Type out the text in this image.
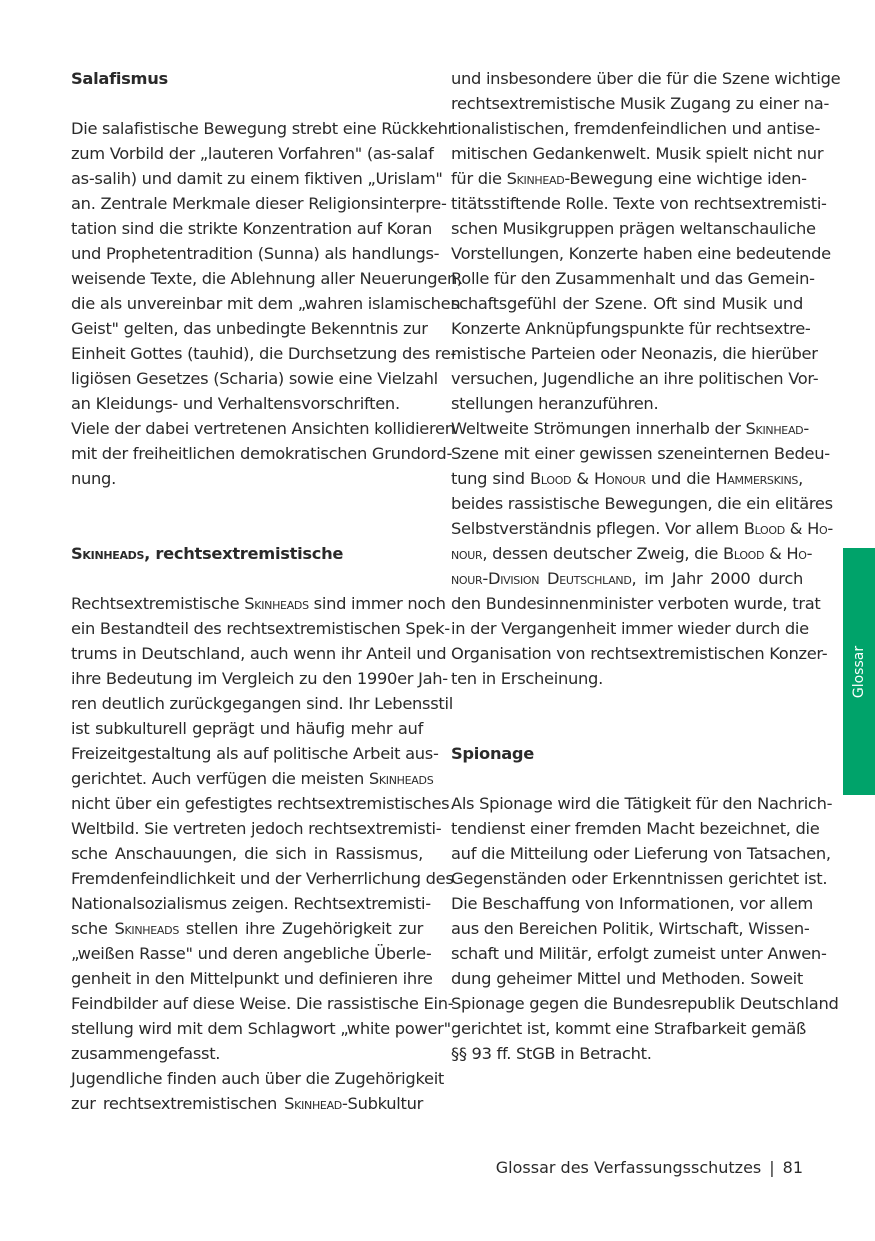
Salafismus
Die salafistische Bewegung strebt eine Rückkehr
zum Vorbild der „lauteren Vorfahren" (as-salaf
as-salih) und damit zu einem fiktiven „Urislam"
an. Zentrale Merkmale dieser Religionsinterpre-
tation sind die strikte Konzentration auf Koran
und Prophetentradition (Sunna) als handlungs-
weisende Texte, die Ablehnung aller Neuerungen,
die als unvereinbar mit dem „wahren islamischen
Geist" gelten, das unbedingte Bekenntnis zur
Einheit Gottes (tauhid), die Durchsetzung des re-
ligiösen Gesetzes (Scharia) sowie eine Vielzahl
an Kleidungs- und Verhaltensvorschriften.
Viele der dabei vertretenen Ansichten kollidieren
mit der freiheitlichen demokratischen Grundord-
nung.
Skinheads, rechtsextremistische
Rechtsextremistische Skinheads sind immer noch
ein Bestandteil des rechtsextremistischen Spek-
trums in Deutschland, auch wenn ihr Anteil und
ihre Bedeutung im Vergleich zu den 1990er Jah-
ren deutlich zurückgegangen sind. Ihr Lebensstil
ist subkulturell geprägt und häufig mehr auf
Freizeitgestaltung als auf politische Arbeit aus-
gerichtet. Auch verfügen die meisten Skinheads
nicht über ein gefestigtes rechtsextremistisches
Weltbild. Sie vertreten jedoch rechtsextremisti-
sche Anschauungen, die sich in Rassismus,
Fremdenfeindlichkeit und der Verherrlichung des
Nationalsozialismus zeigen. Rechtsextremisti-
sche Skinheads stellen ihre Zugehörigkeit zur
„weißen Rasse" und deren angebliche Überle-
genheit in den Mittelpunkt und definieren ihre
Feindbilder auf diese Weise. Die rassistische Ein-
stellung wird mit dem Schlagwort „white power"
zusammengefasst.
Jugendliche finden auch über die Zugehörigkeit
zur rechtsextremistischen Skinhead-Subkultur
und insbesondere über die für die Szene wichtige
rechtsextremistische Musik Zugang zu einer na-
tionalistischen, fremdenfeindlichen und antise-
mitischen Gedankenwelt. Musik spielt nicht nur
für die Skinhead-Bewegung eine wichtige iden-
titätsstiftende Rolle. Texte von rechtsextremisti-
schen Musikgruppen prägen weltanschauliche
Vorstellungen, Konzerte haben eine bedeutende
Rolle für den Zusammenhalt und das Gemein-
schaftsgefühl der Szene. Oft sind Musik und
Konzerte Anknüpfungspunkte für rechtsextre-
mistische Parteien oder Neonazis, die hierüber
versuchen, Jugendliche an ihre politischen Vor-
stellungen heranzuführen.
Weltweite Strömungen innerhalb der Skinhead-
Szene mit einer gewissen szeneinternen Bedeu-
tung sind Blood & Honour und die Hammerskins,
beides rassistische Bewegungen, die ein elitäres
Selbstverständnis pflegen. Vor allem Blood & Ho-
nour, dessen deutscher Zweig, die Blood & Ho-
nour-Division Deutschland, im Jahr 2000 durch
den Bundesinnenminister verboten wurde, trat
in der Vergangenheit immer wieder durch die
Organisation von rechtsextremistischen Konzer-
ten in Erscheinung.
Spionage
Als Spionage wird die Tätigkeit für den Nachrich-
tendienst einer fremden Macht bezeichnet, die
auf die Mitteilung oder Lieferung von Tatsachen,
Gegenständen oder Erkenntnissen gerichtet ist.
Die Beschaffung von Informationen, vor allem
aus den Bereichen Politik, Wirtschaft, Wissen-
schaft und Militär, erfolgt zumeist unter Anwen-
dung geheimer Mittel und Methoden. Soweit
Spionage gegen die Bundesrepublik Deutschland
gerichtet ist, kommt eine Strafbarkeit gemäß
§§ 93 ff. StGB in Betracht.
Glossar
Glossar des Verfassungsschutzes | 81
